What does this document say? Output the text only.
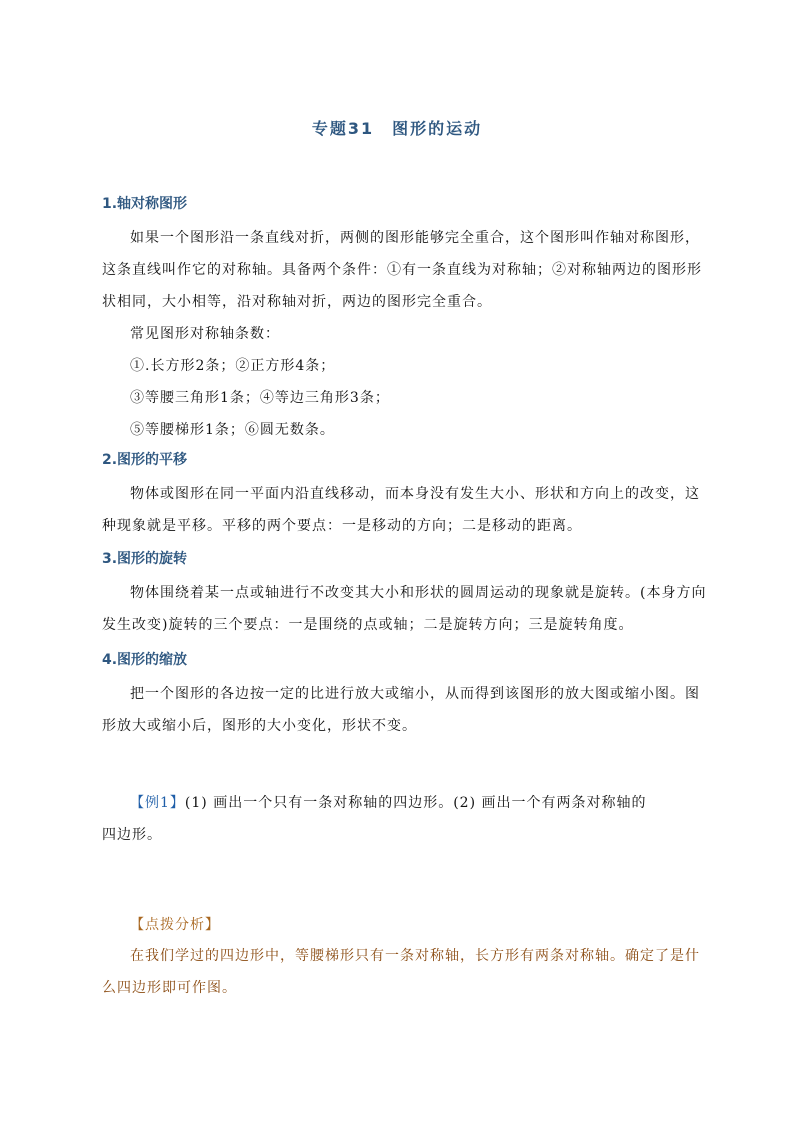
专题31　图形的运动
1.轴对称图形
如果一个图形沿一条直线对折，两侧的图形能够完全重合，这个图形叫作轴对称图形，
这条直线叫作它的对称轴。具备两个条件：①有一条直线为对称轴；②对称轴两边的图形形
状相同，大小相等，沿对称轴对折，两边的图形完全重合。
常见图形对称轴条数：
①.长方形2条；②正方形4条；
③等腰三角形1条；④等边三角形3条；
⑤等腰梯形1条；⑥圆无数条。
2.图形的平移
物体或图形在同一平面内沿直线移动，而本身没有发生大小、形状和方向上的改变，这
种现象就是平移。平移的两个要点：一是移动的方向；二是移动的距离。
3.图形的旋转
物体围绕着某一点或轴进行不改变其大小和形状的圆周运动的现象就是旋转。(本身方向
发生改变)旋转的三个要点：一是围绕的点或轴；二是旋转方向；三是旋转角度。
4.图形的缩放
把一个图形的各边按一定的比进行放大或缩小，从而得到该图形的放大图或缩小图。图
形放大或缩小后，图形的大小变化，形状不变。
【例1】(1) 画出一个只有一条对称轴的四边形。(2) 画出一个有两条对称轴的
四边形。
【点拨分析】
在我们学过的四边形中，等腰梯形只有一条对称轴，长方形有两条对称轴。确定了是什
么四边形即可作图。
